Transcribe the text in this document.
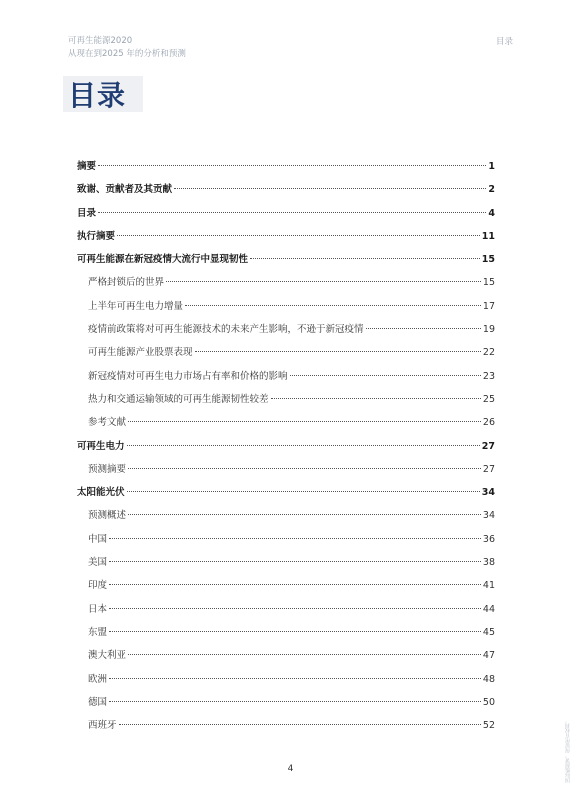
可再生能源2020
从现在到2025 年的分析和预测
目录
目录
摘要	1
致谢、贡献者及其贡献	2
目录	4
执行摘要	11
可再生能源在新冠疫情大流行中显现韧性	15
严格封锁后的世界	15
上半年可再生电力增量	17
疫情前政策将对可再生能源技术的未来产生影响，不逊于新冠疫情	19
可再生能源产业股票表现	22
新冠疫情对可再生电力市场占有率和价格的影响	23
热力和交通运输领域的可再生能源韧性较差	25
参考文献	26
可再生电力	27
预测摘要	27
太阳能光伏	34
预测概述	34
中国	36
美国	38
印度	41
日本	44
东盟	45
澳大利亚	47
欧洲	48
德国	50
西班牙	52
4	国际能源署，保留所有权利。
